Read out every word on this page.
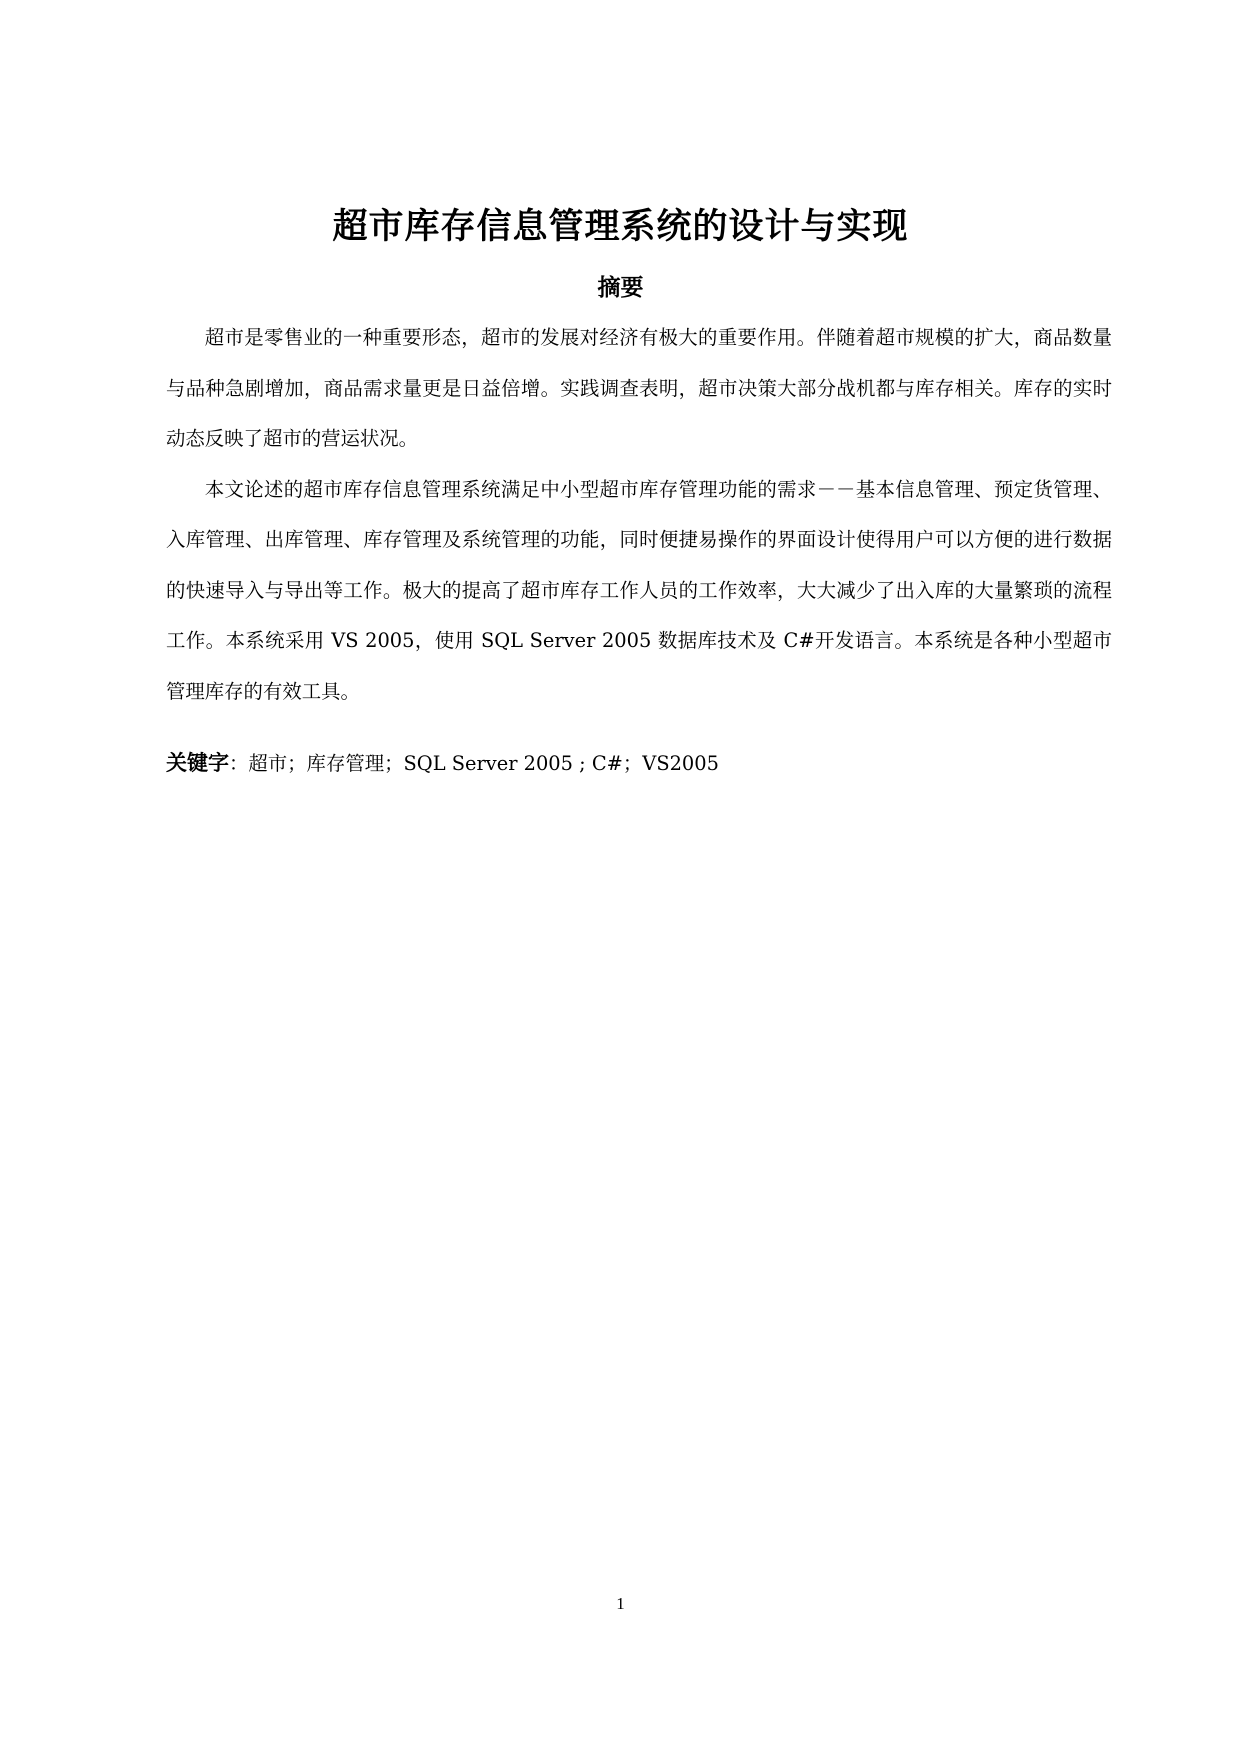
超市库存信息管理系统的设计与实现
摘要

超市是零售业的一种重要形态，超市的发展对经济有极大的重要作用。伴随着超市规模的扩大，商品数量与品种急剧增加，商品需求量更是日益倍增。实践调查表明，超市决策大部分战机都与库存相关。库存的实时动态反映了超市的营运状况。

本文论述的超市库存信息管理系统满足中小型超市库存管理功能的需求－－基本信息管理、预定货管理、入库管理、出库管理、库存管理及系统管理的功能，同时便捷易操作的界面设计使得用户可以方便的进行数据的快速导入与导出等工作。极大的提高了超市库存工作人员的工作效率，大大减少了出入库的大量繁琐的流程工作。本系统采用 VS 2005，使用 SQL Server 2005 数据库技术及 C#开发语言。本系统是各种小型超市管理库存的有效工具。

关键字：超市；库存管理；SQL Server 2005 ; C#；VS2005
1
